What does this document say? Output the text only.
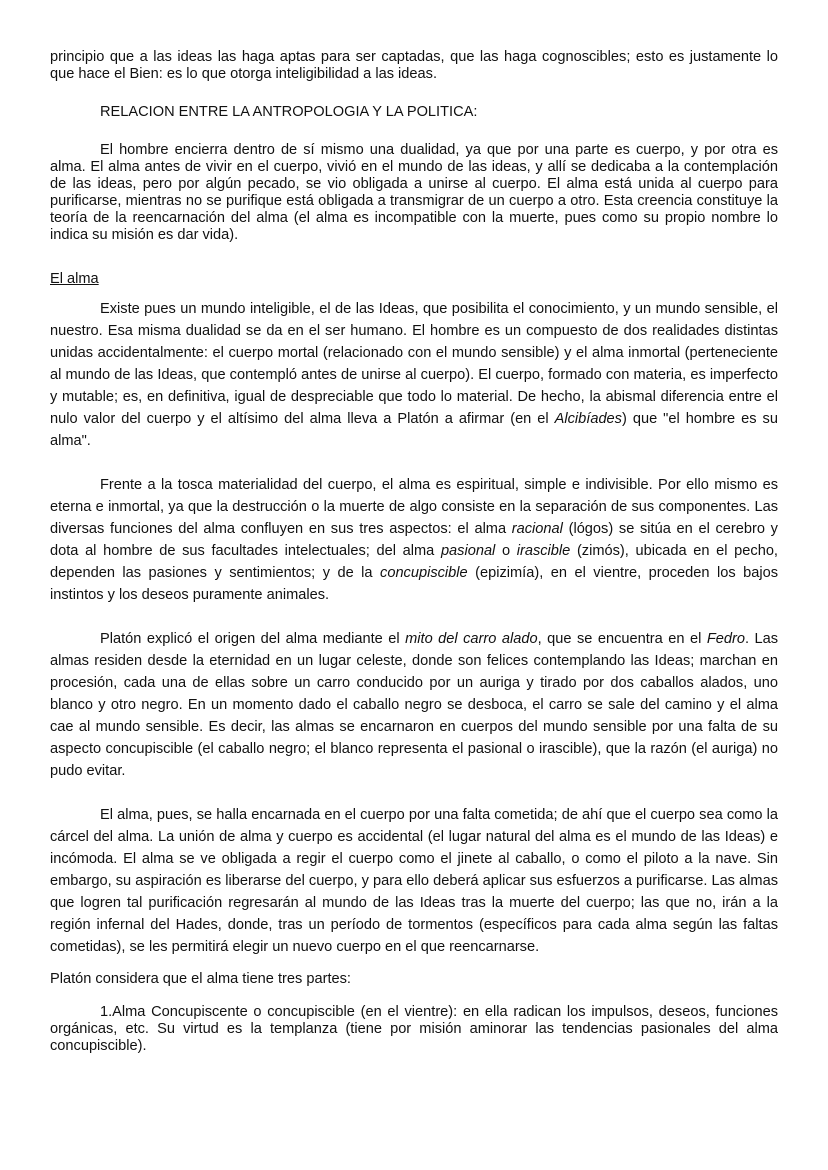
principio que a las ideas las haga aptas para ser captadas, que las haga cognoscibles; esto es justamente lo que hace el Bien: es lo que otorga inteligibilidad a las ideas.

RELACION ENTRE LA ANTROPOLOGIA Y LA POLITICA:

El hombre encierra dentro de sí mismo una dualidad, ya que por una parte es cuerpo, y por otra es alma. El alma antes de vivir en el cuerpo, vivió en el mundo de las ideas, y allí se dedicaba a la contemplación de las ideas, pero por algún pecado, se vio obligada a unirse al cuerpo. El alma está unida al cuerpo para purificarse, mientras no se purifique está obligada a transmigrar de un cuerpo a otro. Esta creencia constituye la teoría de la reencarnación del alma (el alma es incompatible con la muerte, pues como su propio nombre lo indica su misión es dar vida).

El alma

Existe pues un mundo inteligible, el de las Ideas, que posibilita el conocimiento, y un mundo sensible, el nuestro. Esa misma dualidad se da en el ser humano. El hombre es un compuesto de dos realidades distintas unidas accidentalmente: el cuerpo mortal (relacionado con el mundo sensible) y el alma inmortal (perteneciente al mundo de las Ideas, que contempló antes de unirse al cuerpo). El cuerpo, formado con materia, es imperfecto y mutable; es, en definitiva, igual de despreciable que todo lo material. De hecho, la abismal diferencia entre el nulo valor del cuerpo y el altísimo del alma lleva a Platón a afirmar (en el Alcibíades) que "el hombre es su alma".

Frente a la tosca materialidad del cuerpo, el alma es espiritual, simple e indivisible. Por ello mismo es eterna e inmortal, ya que la destrucción o la muerte de algo consiste en la separación de sus componentes. Las diversas funciones del alma confluyen en sus tres aspectos: el alma racional (lógos) se sitúa en el cerebro y dota al hombre de sus facultades intelectuales; del alma pasional o irascible (zimós), ubicada en el pecho, dependen las pasiones y sentimientos; y de la concupiscible (epizimía), en el vientre, proceden los bajos instintos y los deseos puramente animales.

Platón explicó el origen del alma mediante el mito del carro alado, que se encuentra en el Fedro. Las almas residen desde la eternidad en un lugar celeste, donde son felices contemplando las Ideas; marchan en procesión, cada una de ellas sobre un carro conducido por un auriga y tirado por dos caballos alados, uno blanco y otro negro. En un momento dado el caballo negro se desboca, el carro se sale del camino y el alma cae al mundo sensible. Es decir, las almas se encarnaron en cuerpos del mundo sensible por una falta de su aspecto concupiscible (el caballo negro; el blanco representa el pasional o irascible), que la razón (el auriga) no pudo evitar.

El alma, pues, se halla encarnada en el cuerpo por una falta cometida; de ahí que el cuerpo sea como la cárcel del alma. La unión de alma y cuerpo es accidental (el lugar natural del alma es el mundo de las Ideas) e incómoda. El alma se ve obligada a regir el cuerpo como el jinete al caballo, o como el piloto a la nave. Sin embargo, su aspiración es liberarse del cuerpo, y para ello deberá aplicar sus esfuerzos a purificarse. Las almas que logren tal purificación regresarán al mundo de las Ideas tras la muerte del cuerpo; las que no, irán a la región infernal del Hades, donde, tras un período de tormentos (específicos para cada alma según las faltas cometidas), se les permitirá elegir un nuevo cuerpo en el que reencarnarse.

Platón considera que el alma tiene tres partes:

1.Alma Concupiscente o concupiscible (en el vientre): en ella radican los impulsos, deseos, funciones orgánicas, etc. Su virtud es la templanza (tiene por misión aminorar las tendencias pasionales del alma concupiscible).
